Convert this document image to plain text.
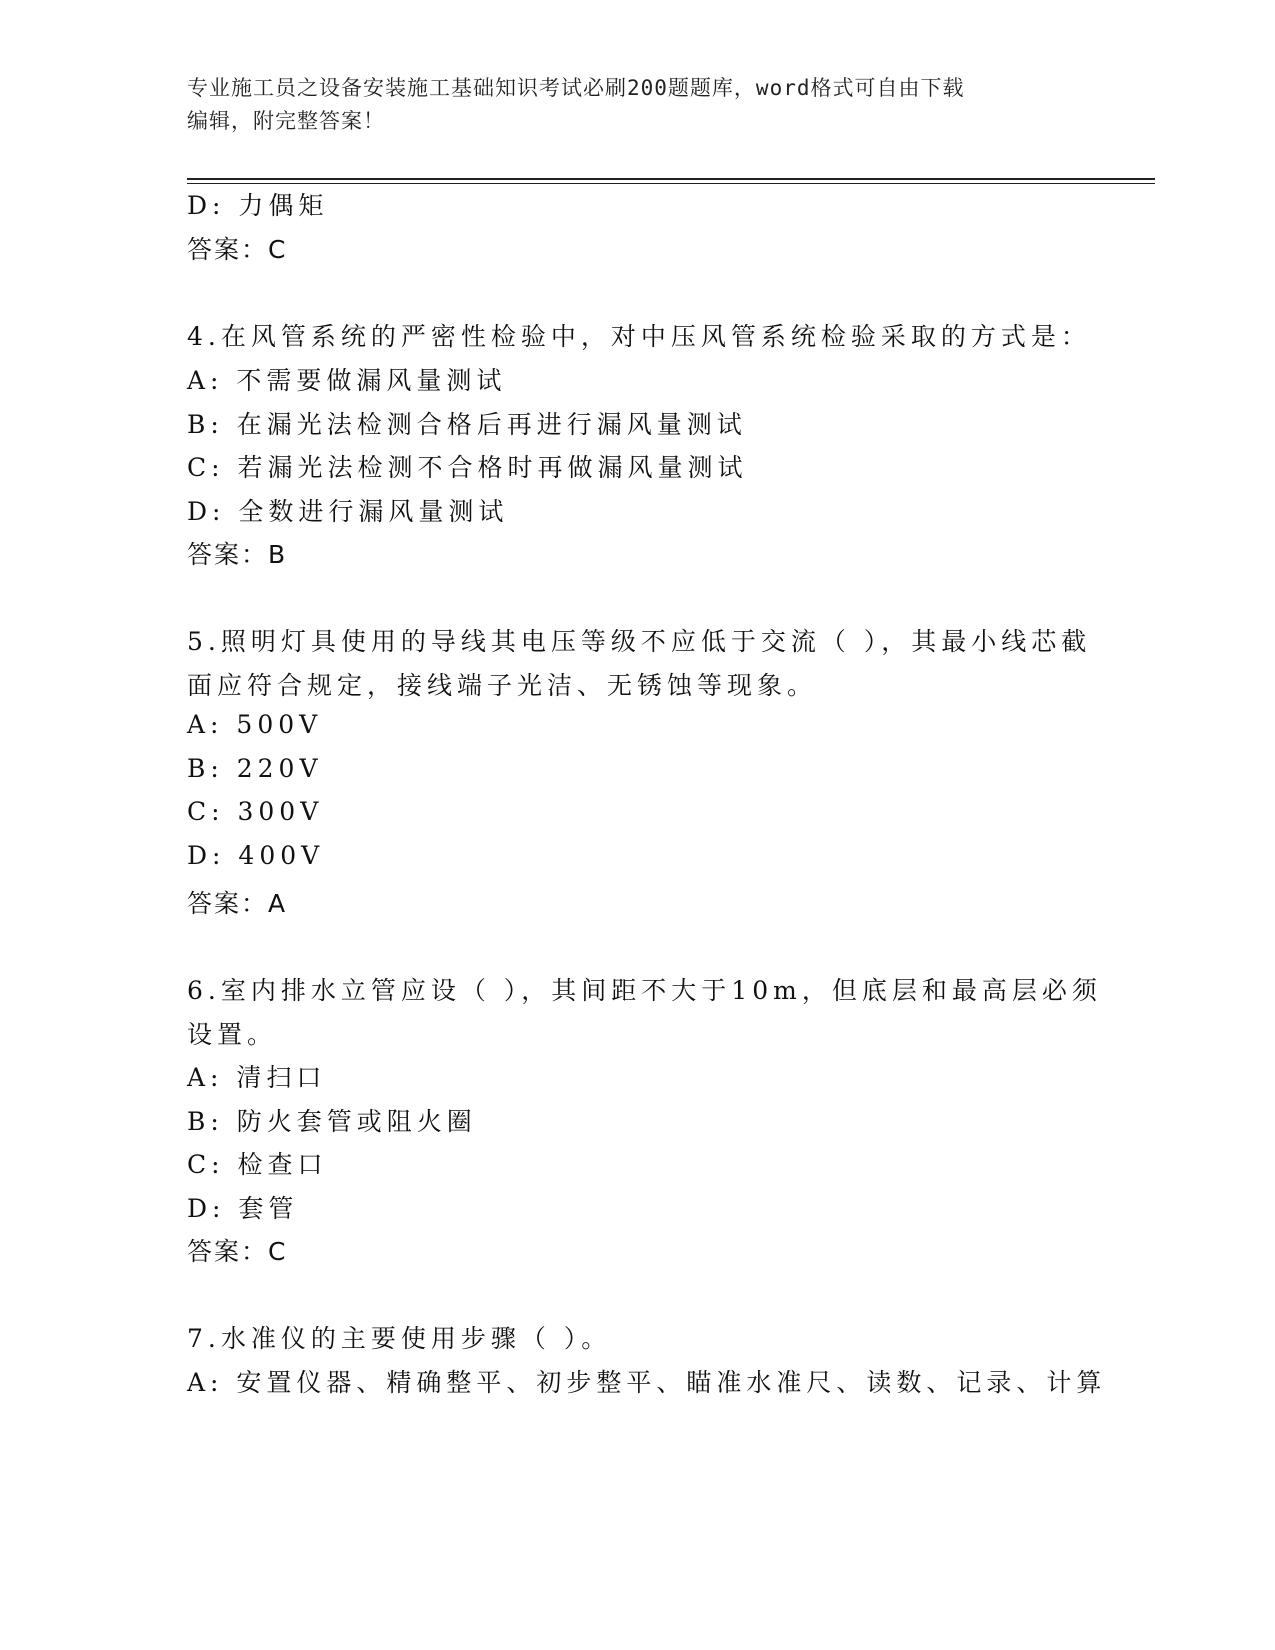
专业施工员之设备安装施工基础知识考试必刷200题题库，word格式可自由下载
编辑，附完整答案！
D: 力偶矩
答案：C
4.在风管系统的严密性检验中，对中压风管系统检验采取的方式是：
A: 不需要做漏风量测试
B: 在漏光法检测合格后再进行漏风量测试
C: 若漏光法检测不合格时再做漏风量测试
D: 全数进行漏风量测试
答案：B
5.照明灯具使用的导线其电压等级不应低于交流（ ），其最小线芯截
面应符合规定，接线端子光洁、无锈蚀等现象。
A: 500V
B: 220V
C: 300V
D: 400V
答案：A
6.室内排水立管应设（ ），其间距不大于10m，但底层和最高层必须
设置。
A: 清扫口
B: 防火套管或阻火圈
C: 检查口
D: 套管
答案：C
7.水准仪的主要使用步骤（ ）。
A: 安置仪器、精确整平、初步整平、瞄准水准尺、读数、记录、计算
